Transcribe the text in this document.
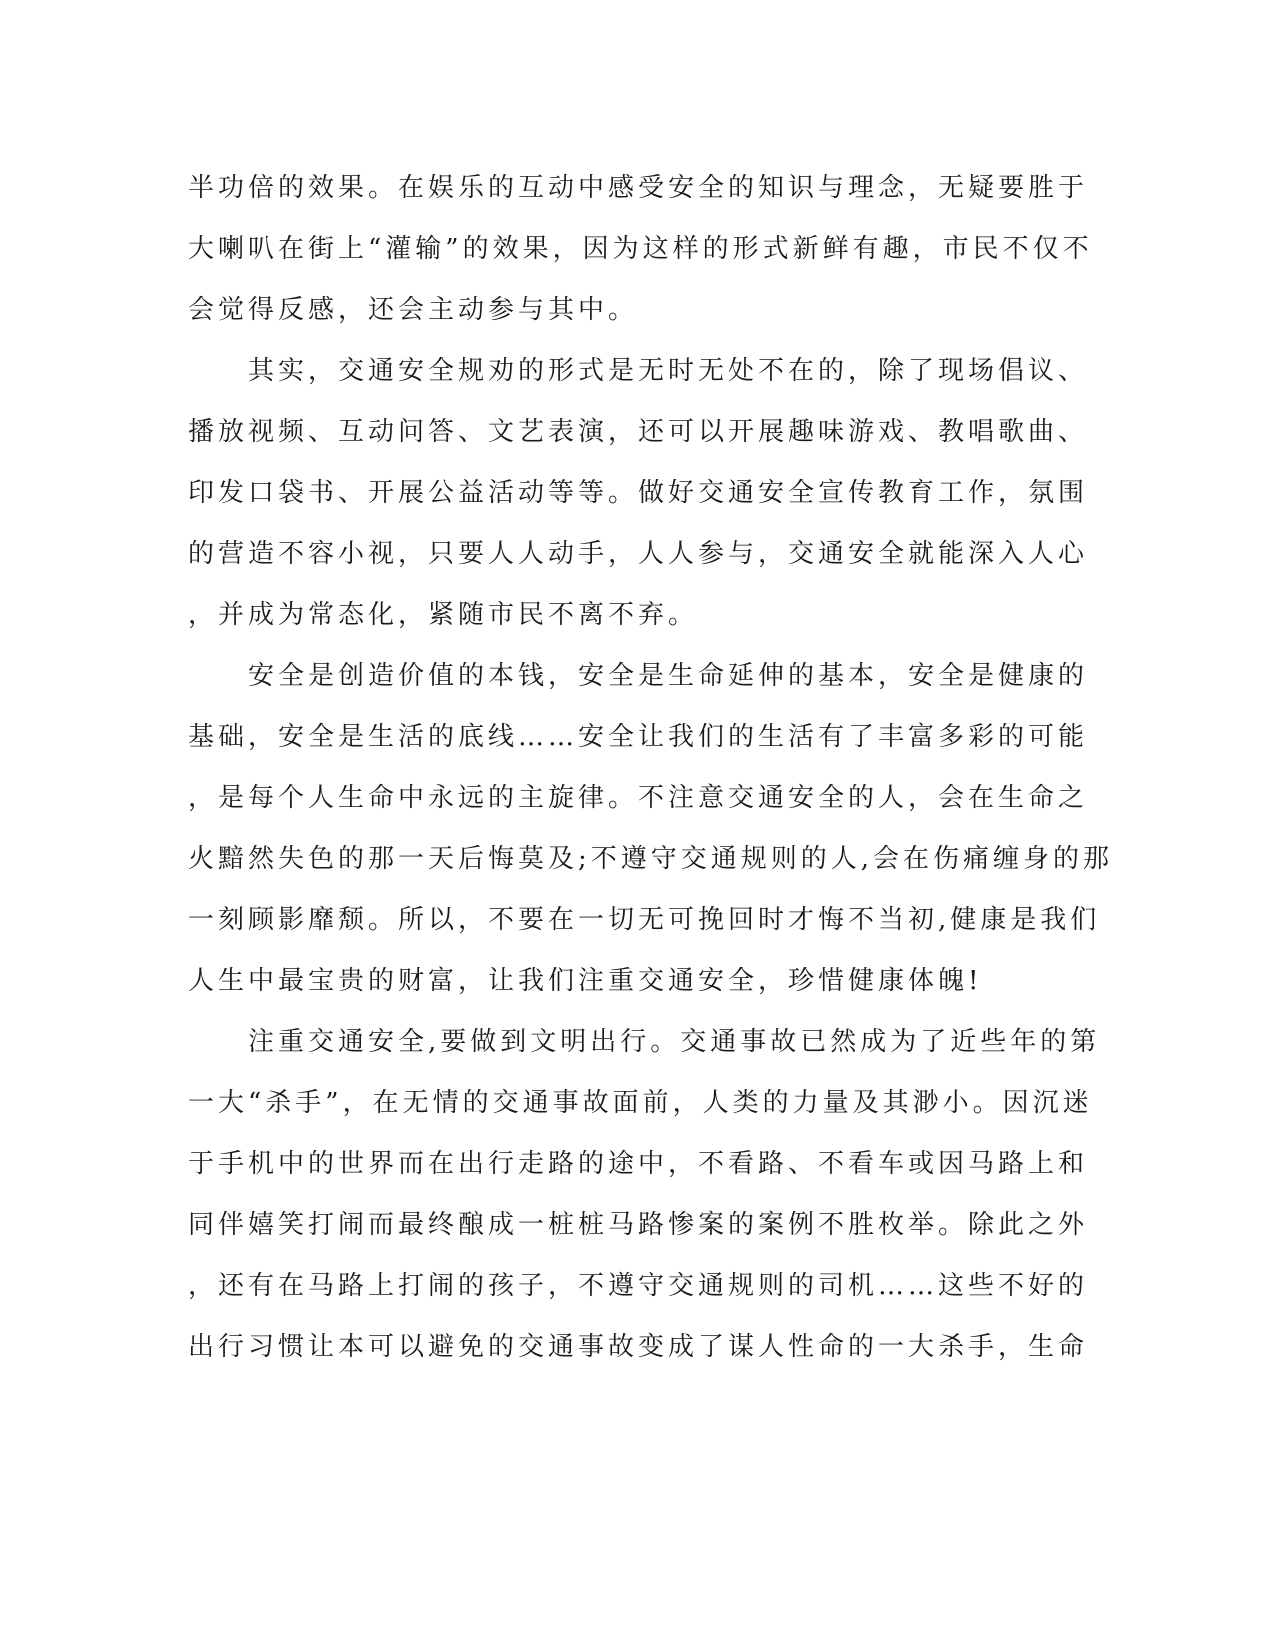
半功倍的效果。在娱乐的互动中感受安全的知识与理念，无疑要胜于
大喇叭在街上“灌输”的效果，因为这样的形式新鲜有趣，市民不仅不
会觉得反感，还会主动参与其中。
　　其实，交通安全规劝的形式是无时无处不在的，除了现场倡议、
播放视频、互动问答、文艺表演，还可以开展趣味游戏、教唱歌曲、
印发口袋书、开展公益活动等等。做好交通安全宣传教育工作，氛围
的营造不容小视，只要人人动手，人人参与，交通安全就能深入人心
，并成为常态化，紧随市民不离不弃。
　　安全是创造价值的本钱，安全是生命延伸的基本，安全是健康的
基础，安全是生活的底线……安全让我们的生活有了丰富多彩的可能
，是每个人生命中永远的主旋律。不注意交通安全的人，会在生命之
火黯然失色的那一天后悔莫及;不遵守交通规则的人,会在伤痛缠身的那
一刻顾影靡颓。所以，不要在一切无可挽回时才悔不当初,健康是我们
人生中最宝贵的财富，让我们注重交通安全，珍惜健康体魄!
　　注重交通安全,要做到文明出行。交通事故已然成为了近些年的第
一大“杀手”，在无情的交通事故面前，人类的力量及其渺小。因沉迷
于手机中的世界而在出行走路的途中，不看路、不看车或因马路上和
同伴嬉笑打闹而最终酿成一桩桩马路惨案的案例不胜枚举。除此之外
，还有在马路上打闹的孩子，不遵守交通规则的司机……这些不好的
出行习惯让本可以避免的交通事故变成了谋人性命的一大杀手，生命
